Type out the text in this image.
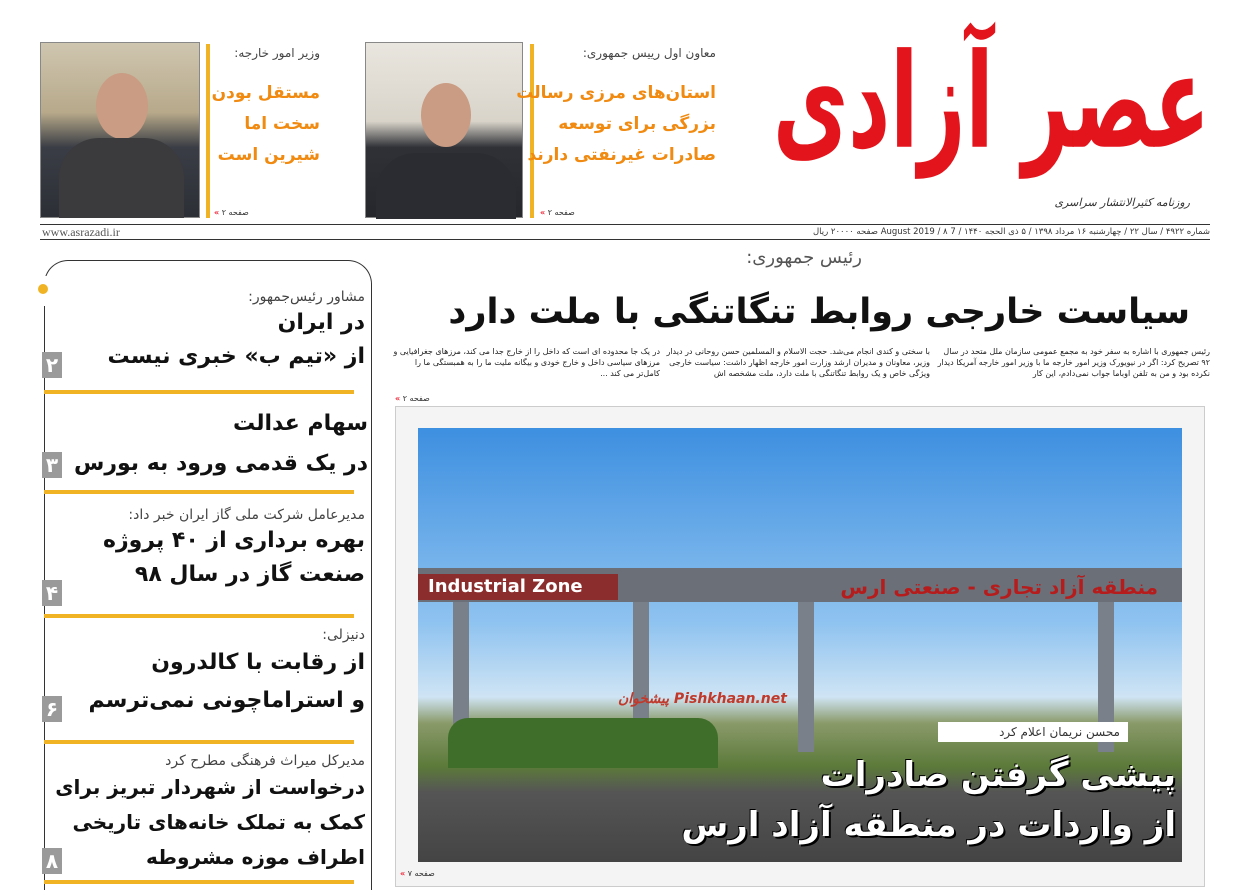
وزیر امور خارجه:
مستقل بودن
سخت اما
شیرین است
« صفحه ۲
معاون اول رییس جمهوری:
استان‌های مرزی رسالت
بزرگی برای توسعه
صادرات غیرنفتی دارند
« صفحه ۲
عصر آزادی
روزنامه کثیرالانتشار سراسری
شماره ۴۹۲۲ / سال ۲۲ / چهارشنبه ۱۶ مرداد ۱۳۹۸ / ۵ ذی الحجه ۱۴۴۰ / 7 August 2019 / ۸ صفحه ۲۰۰۰۰ ریال
www.asrazadi.ir
رئیس جمهوری:
سیاست خارجی روابط تنگاتنگی با ملت دارد
رئیس جمهوری با اشاره به سفر خود به مجمع عمومی سازمان ملل متحد در سال ۹۲ تصریح کرد: اگر در نیویورک وزیر امور خارجه ما با وزیر امور خارجه آمریکا دیدار نکرده بود و من به تلفن اوباما جواب نمی‌دادم، این کار
با سختی و کندی انجام می‌شد. حجت الاسلام و المسلمین حسن روحانی در دیدار وزیر، معاونان و مدیران ارشد وزارت امور خارجه اظهار داشت: سیاست خارجی ویژگی خاص و یک روابط تنگاتنگی با ملت دارد، ملت مشخصه اش
در یک جا محدوده ای است که داخل را از خارج جدا می کند، مرزهای جغرافیایی و مرزهای سیاسی داخل و خارج خودی و بیگانه ملیت ما را به همبستگی ما را کامل‌تر می کند ...
« صفحه ۲
Industrial Zone	منطقه آزاد تجاری - صنعتی ارس
پیشخوان Pishkhaan.net
محسن نریمان اعلام کرد
پیشی گرفتن صادرات
از واردات در منطقه آزاد ارس
« صفحه ۷
مشاور رئیس‌جمهور:
در ایران
از «تیم ب» خبری نیست
۲
سهام عدالت
در یک قدمی ورود به بورس
۳
مدیرعامل شرکت ملی گاز ایران خبر داد:
بهره برداری از ۴۰ پروژه
صنعت گاز در سال ۹۸
۴
دنیزلی:
از رقابت با کالدرون
و استراماچونی نمی‌ترسم
۶
مدیرکل میراث فرهنگی مطرح کرد
درخواست از شهردار تبریز برای
کمک به تملک خانه‌های تاریخی
اطراف موزه مشروطه
۸
